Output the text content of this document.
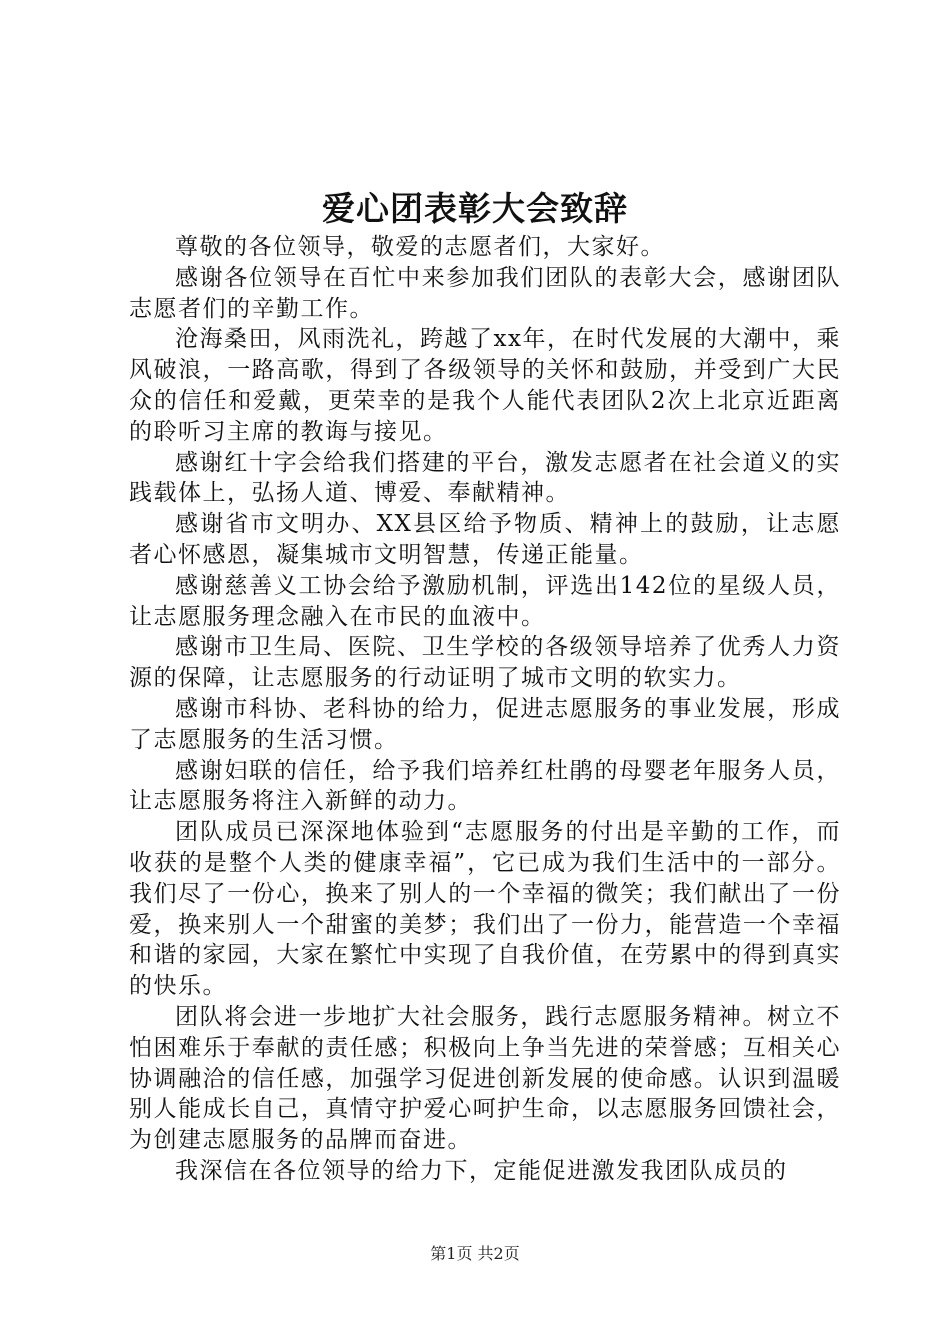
爱心团表彰大会致辞

尊敬的各位领导，敬爱的志愿者们，大家好。

感谢各位领导在百忙中来参加我们团队的表彰大会，感谢团队志愿者们的辛勤工作。

沧海桑田，风雨洗礼，跨越了xx年，在时代发展的大潮中，乘风破浪，一路高歌，得到了各级领导的关怀和鼓励，并受到广大民众的信任和爱戴，更荣幸的是我个人能代表团队2次上北京近距离的聆听习主席的教诲与接见。

感谢红十字会给我们搭建的平台，激发志愿者在社会道义的实践载体上，弘扬人道、博爱、奉献精神。

感谢省市文明办、XX县区给予物质、精神上的鼓励，让志愿者心怀感恩，凝集城市文明智慧，传递正能量。

感谢慈善义工协会给予激励机制，评选出142位的星级人员，让志愿服务理念融入在市民的血液中。

感谢市卫生局、医院、卫生学校的各级领导培养了优秀人力资源的保障，让志愿服务的行动证明了城市文明的软实力。

感谢市科协、老科协的给力，促进志愿服务的事业发展，形成了志愿服务的生活习惯。

感谢妇联的信任，给予我们培养红杜鹃的母婴老年服务人员，让志愿服务将注入新鲜的动力。

团队成员已深深地体验到“志愿服务的付出是辛勤的工作，而收获的是整个人类的健康幸福”，它已成为我们生活中的一部分。我们尽了一份心，换来了别人的一个幸福的微笑；我们献出了一份爱，换来别人一个甜蜜的美梦；我们出了一份力，能营造一个幸福和谐的家园，大家在繁忙中实现了自我价值，在劳累中的得到真实的快乐。

团队将会进一步地扩大社会服务，践行志愿服务精神。树立不怕困难乐于奉献的责任感；积极向上争当先进的荣誉感；互相关心协调融洽的信任感，加强学习促进创新发展的使命感。认识到温暖别人能成长自己，真情守护爱心呵护生命，以志愿服务回馈社会，为创建志愿服务的品牌而奋进。

我深信在各位领导的给力下，定能促进激发我团队成员的

第1页 共2页
